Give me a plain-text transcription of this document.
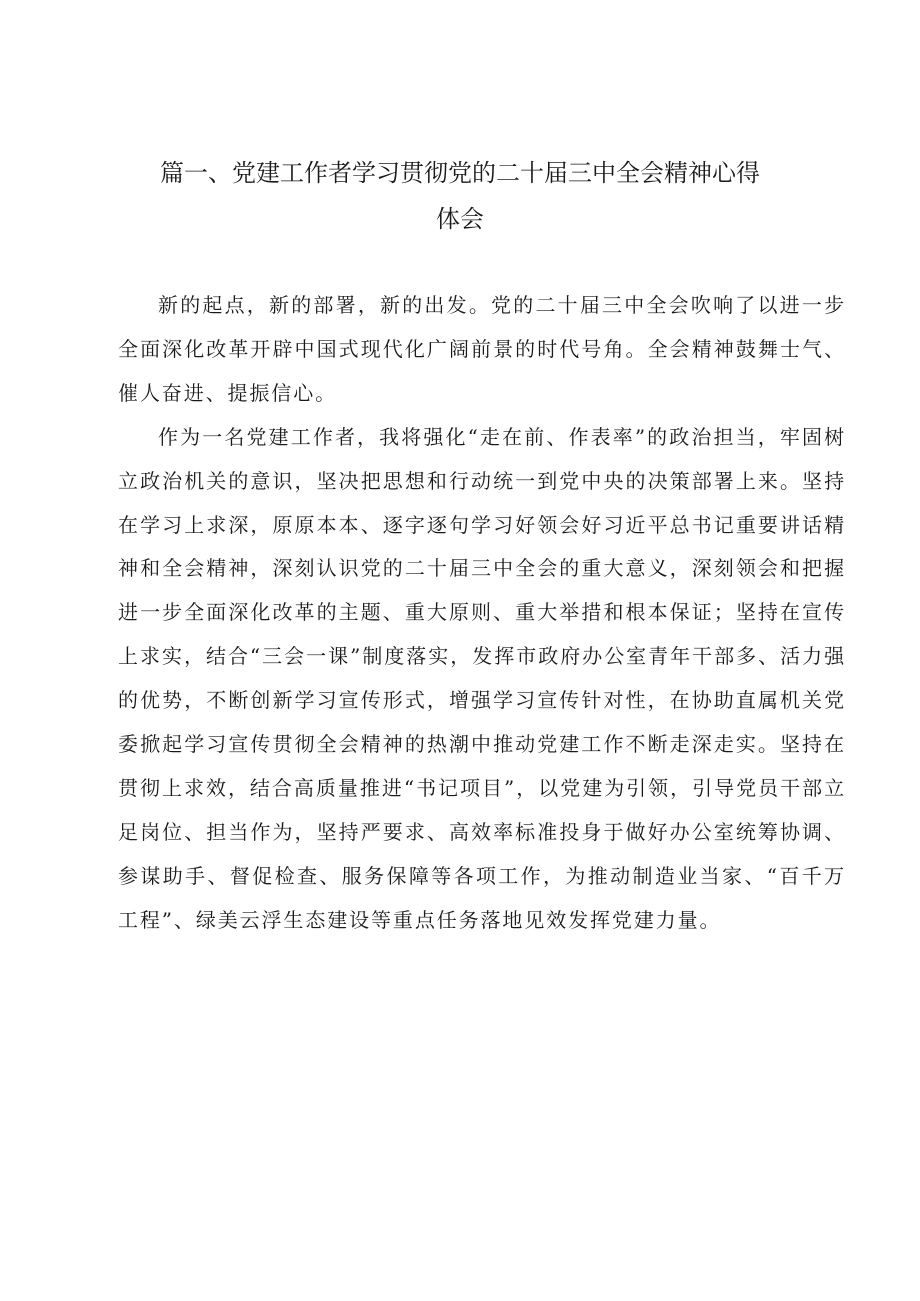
篇一、党建工作者学习贯彻党的二十届三中全会精神心得
体会

新的起点，新的部署，新的出发。党的二十届三中全会吹响了以进一步全面深化改革开辟中国式现代化广阔前景的时代号角。全会精神鼓舞士气、催人奋进、提振信心。

作为一名党建工作者，我将强化“走在前、作表率”的政治担当，牢固树立政治机关的意识，坚决把思想和行动统一到党中央的决策部署上来。坚持在学习上求深，原原本本、逐字逐句学习好领会好习近平总书记重要讲话精神和全会精神，深刻认识党的二十届三中全会的重大意义，深刻领会和把握进一步全面深化改革的主题、重大原则、重大举措和根本保证；坚持在宣传上求实，结合“三会一课”制度落实，发挥市政府办公室青年干部多、活力强的优势，不断创新学习宣传形式，增强学习宣传针对性，在协助直属机关党委掀起学习宣传贯彻全会精神的热潮中推动党建工作不断走深走实。坚持在贯彻上求效，结合高质量推进“书记项目”，以党建为引领，引导党员干部立足岗位、担当作为，坚持严要求、高效率标准投身于做好办公室统筹协调、参谋助手、督促检查、服务保障等各项工作，为推动制造业当家、“百千万工程”、绿美云浮生态建设等重点任务落地见效发挥党建力量。
